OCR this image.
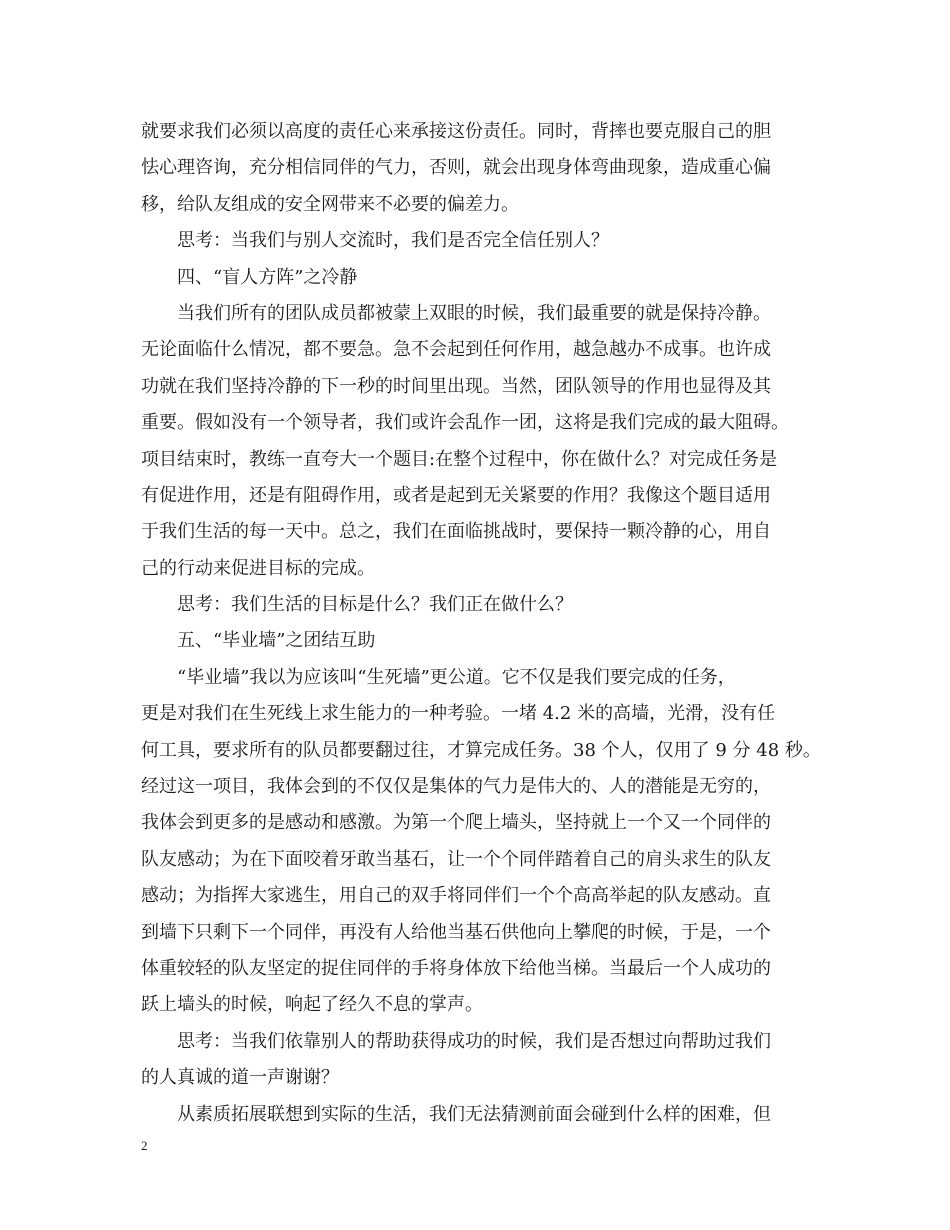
就要求我们必须以高度的责任心来承接这份责任。同时，背摔也要克服自己的胆
怯心理咨询，充分相信同伴的气力，否则，就会出现身体弯曲现象，造成重心偏
移，给队友组成的安全网带来不必要的偏差力。
思考：当我们与别人交流时，我们是否完全信任别人？
四、“盲人方阵”之冷静
当我们所有的团队成员都被蒙上双眼的时候，我们最重要的就是保持冷静。
无论面临什么情况，都不要急。急不会起到任何作用，越急越办不成事。也许成
功就在我们坚持冷静的下一秒的时间里出现。当然，团队领导的作用也显得及其
重要。假如没有一个领导者，我们或许会乱作一团，这将是我们完成的最大阻碍。
项目结束时，教练一直夸大一个题目:在整个过程中，你在做什么？对完成任务是
有促进作用，还是有阻碍作用，或者是起到无关紧要的作用？我像这个题目适用
于我们生活的每一天中。总之，我们在面临挑战时，要保持一颗冷静的心，用自
己的行动来促进目标的完成。
思考：我们生活的目标是什么？我们正在做什么？
五、“毕业墙”之团结互助
“毕业墙”我以为应该叫“生死墙”更公道。它不仅是我们要完成的任务，
更是对我们在生死线上求生能力的一种考验。一堵 4.2 米的高墙，光滑，没有任
何工具，要求所有的队员都要翻过往，才算完成任务。38 个人，仅用了 9 分 48 秒。
经过这一项目，我体会到的不仅仅是集体的气力是伟大的、人的潜能是无穷的，
我体会到更多的是感动和感激。为第一个爬上墙头，坚持就上一个又一个同伴的
队友感动；为在下面咬着牙敢当基石，让一个个同伴踏着自己的肩头求生的队友
感动；为指挥大家逃生，用自己的双手将同伴们一个个高高举起的队友感动。直
到墙下只剩下一个同伴，再没有人给他当基石供他向上攀爬的时候，于是，一个
体重较轻的队友坚定的捉住同伴的手将身体放下给他当梯。当最后一个人成功的
跃上墙头的时候，响起了经久不息的掌声。
思考：当我们依靠别人的帮助获得成功的时候，我们是否想过向帮助过我们
的人真诚的道一声谢谢？
从素质拓展联想到实际的生活，我们无法猜测前面会碰到什么样的困难，但
2
